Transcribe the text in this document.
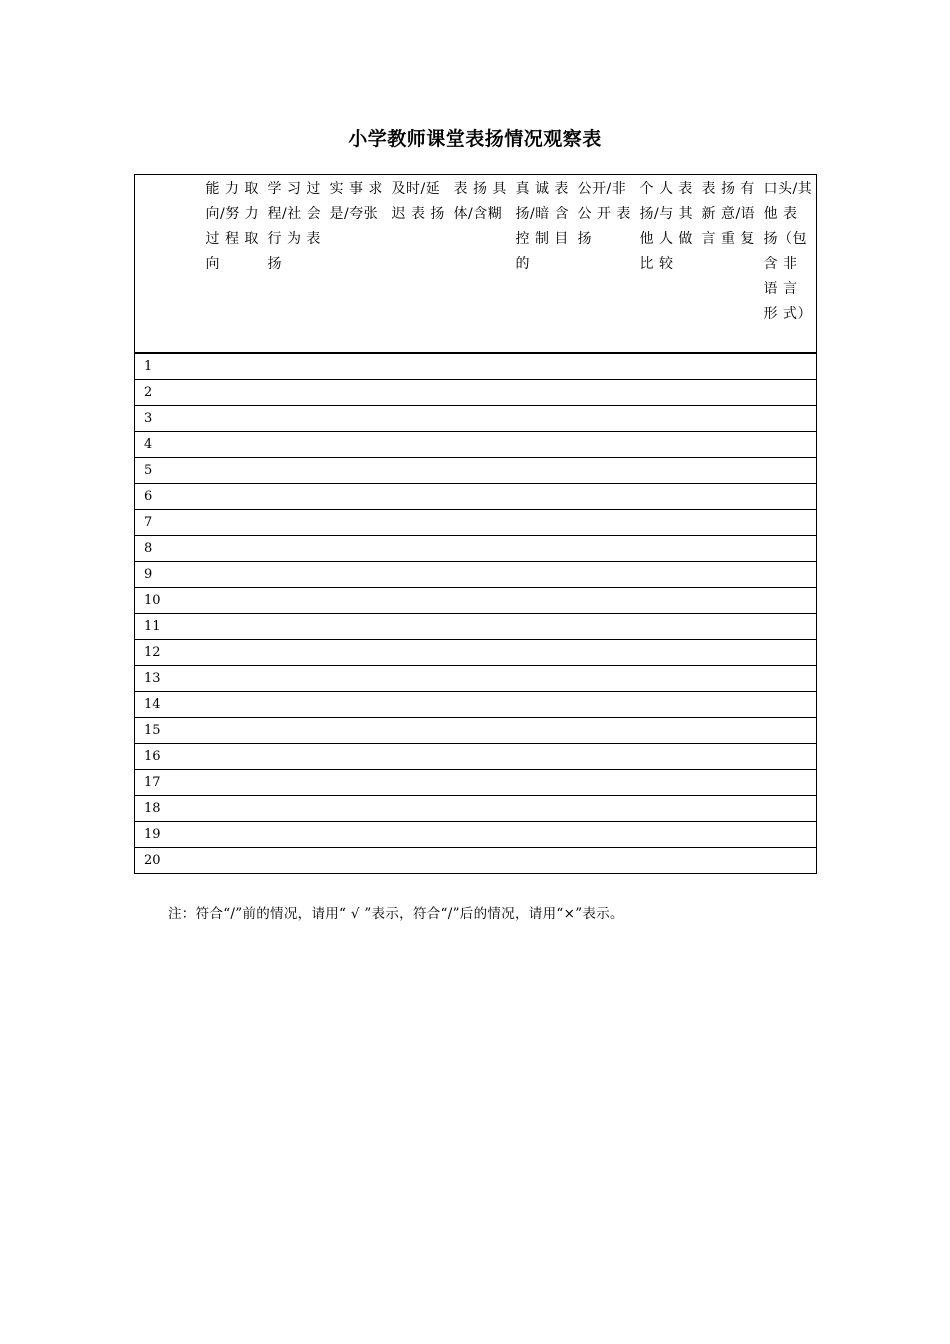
小学教师课堂表扬情况观察表
	能 力 取向/努 力 过 程 取向	学 习 过程/社 会 行 为 表 扬	实 事 求是/夸张	及时/延 迟 表 扬	表 扬 具体/含糊	真 诚 表扬/暗 含 控 制 目 的	公开/非 公 开 表 扬	个 人 表扬/与 其 他 人 做 比 较	表 扬 有 新 意/语 言 重 复	口头/其 他 表 扬（包含 非 语 言 形 式）
1										
2										
3										
4										
5										
6										
7										
8										
9										
10										
11										
12										
13										
14										
15										
16										
17										
18										
19										
20										
注：符合“/”前的情况，请用“ √ ”表示，符合“/”后的情况，请用“×”表示。
